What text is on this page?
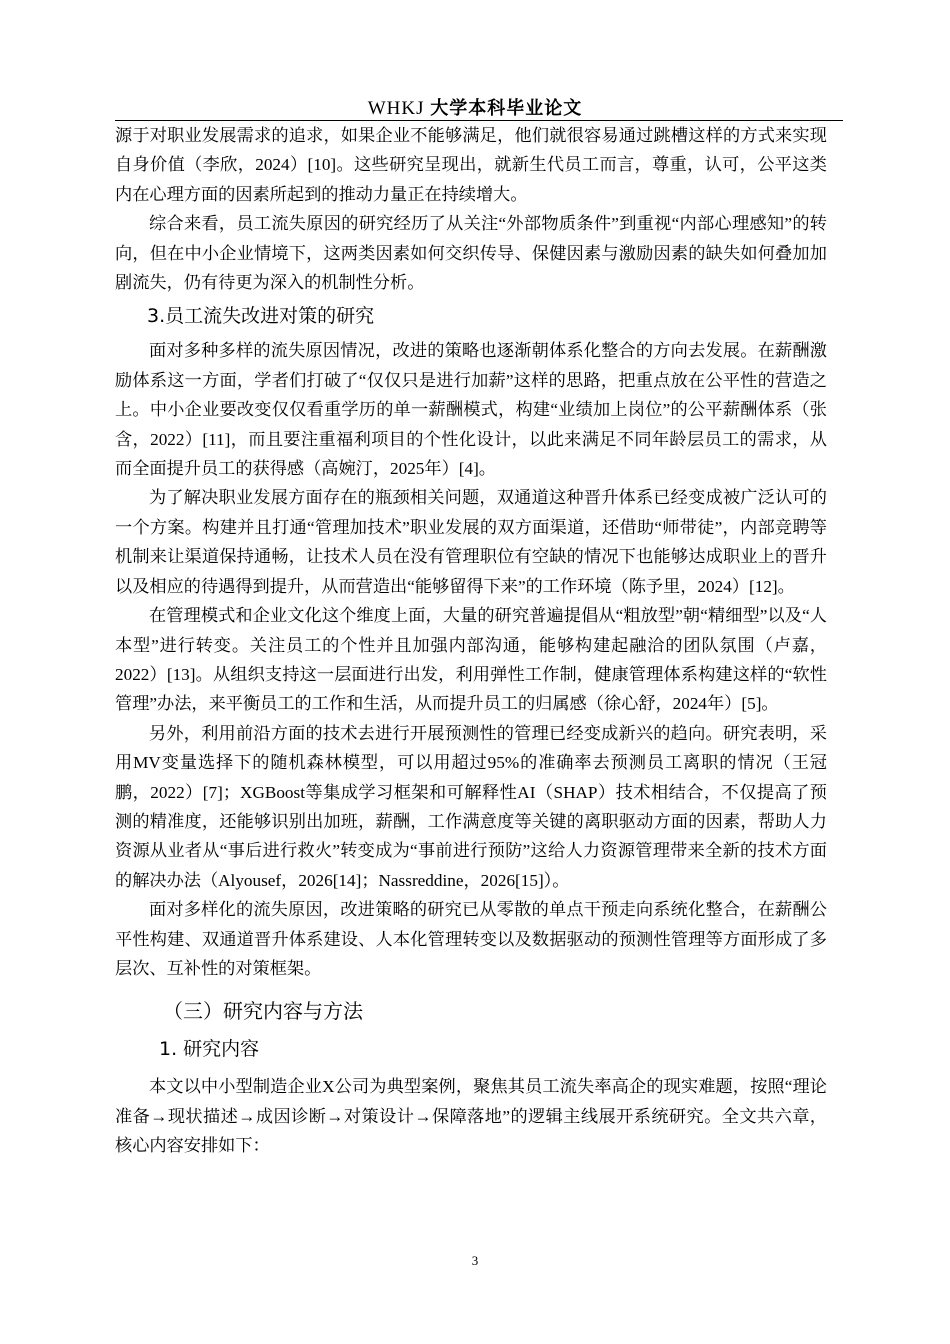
WHKJ 大学本科毕业论文

源于对职业发展需求的追求，如果企业不能够满足，他们就很容易通过跳槽这样的方式来实现自身价值（李欣，2024）[10]。这些研究呈现出，就新生代员工而言，尊重，认可，公平这类内在心理方面的因素所起到的推动力量正在持续增大。

综合来看，员工流失原因的研究经历了从关注“外部物质条件”到重视“内部心理感知”的转向，但在中小企业情境下，这两类因素如何交织传导、保健因素与激励因素的缺失如何叠加加剧流失，仍有待更为深入的机制性分析。

3.员工流失改进对策的研究

面对多种多样的流失原因情况，改进的策略也逐渐朝体系化整合的方向去发展。在薪酬激励体系这一方面，学者们打破了“仅仅只是进行加薪”这样的思路，把重点放在公平性的营造之上。中小企业要改变仅仅看重学历的单一薪酬模式，构建“业绩加上岗位”的公平薪酬体系（张含，2022）[11]，而且要注重福利项目的个性化设计，以此来满足不同年龄层员工的需求，从而全面提升员工的获得感（高婉汀，2025年）[4]。

为了解决职业发展方面存在的瓶颈相关问题，双通道这种晋升体系已经变成被广泛认可的一个方案。构建并且打通“管理加技术”职业发展的双方面渠道，还借助“师带徒”，内部竞聘等机制来让渠道保持通畅，让技术人员在没有管理职位有空缺的情况下也能够达成职业上的晋升以及相应的待遇得到提升，从而营造出“能够留得下来”的工作环境（陈予里，2024）[12]。

在管理模式和企业文化这个维度上面，大量的研究普遍提倡从“粗放型”朝“精细型”以及“人本型”进行转变。关注员工的个性并且加强内部沟通，能够构建起融洽的团队氛围（卢嘉，2022）[13]。从组织支持这一层面进行出发，利用弹性工作制，健康管理体系构建这样的“软性管理”办法，来平衡员工的工作和生活，从而提升员工的归属感（徐心舒，2024年）[5]。

另外，利用前沿方面的技术去进行开展预测性的管理已经变成新兴的趋向。研究表明，采用MV变量选择下的随机森林模型，可以用超过95%的准确率去预测员工离职的情况（王冠鹏，2022）[7]；XGBoost等集成学习框架和可解释性AI（SHAP）技术相结合，不仅提高了预测的精准度，还能够识别出加班，薪酬，工作满意度等关键的离职驱动方面的因素，帮助人力资源从业者从“事后进行救火”转变成为“事前进行预防”这给人力资源管理带来全新的技术方面的解决办法（Alyousef，2026[14]；Nassreddine，2026[15]）。

面对多样化的流失原因，改进策略的研究已从零散的单点干预走向系统化整合，在薪酬公平性构建、双通道晋升体系建设、人本化管理转变以及数据驱动的预测性管理等方面形成了多层次、互补性的对策框架。

（三）研究内容与方法
1. 研究内容

本文以中小型制造企业X公司为典型案例，聚焦其员工流失率高企的现实难题，按照“理论准备→现状描述→成因诊断→对策设计→保障落地”的逻辑主线展开系统研究。全文共六章，核心内容安排如下：

3
